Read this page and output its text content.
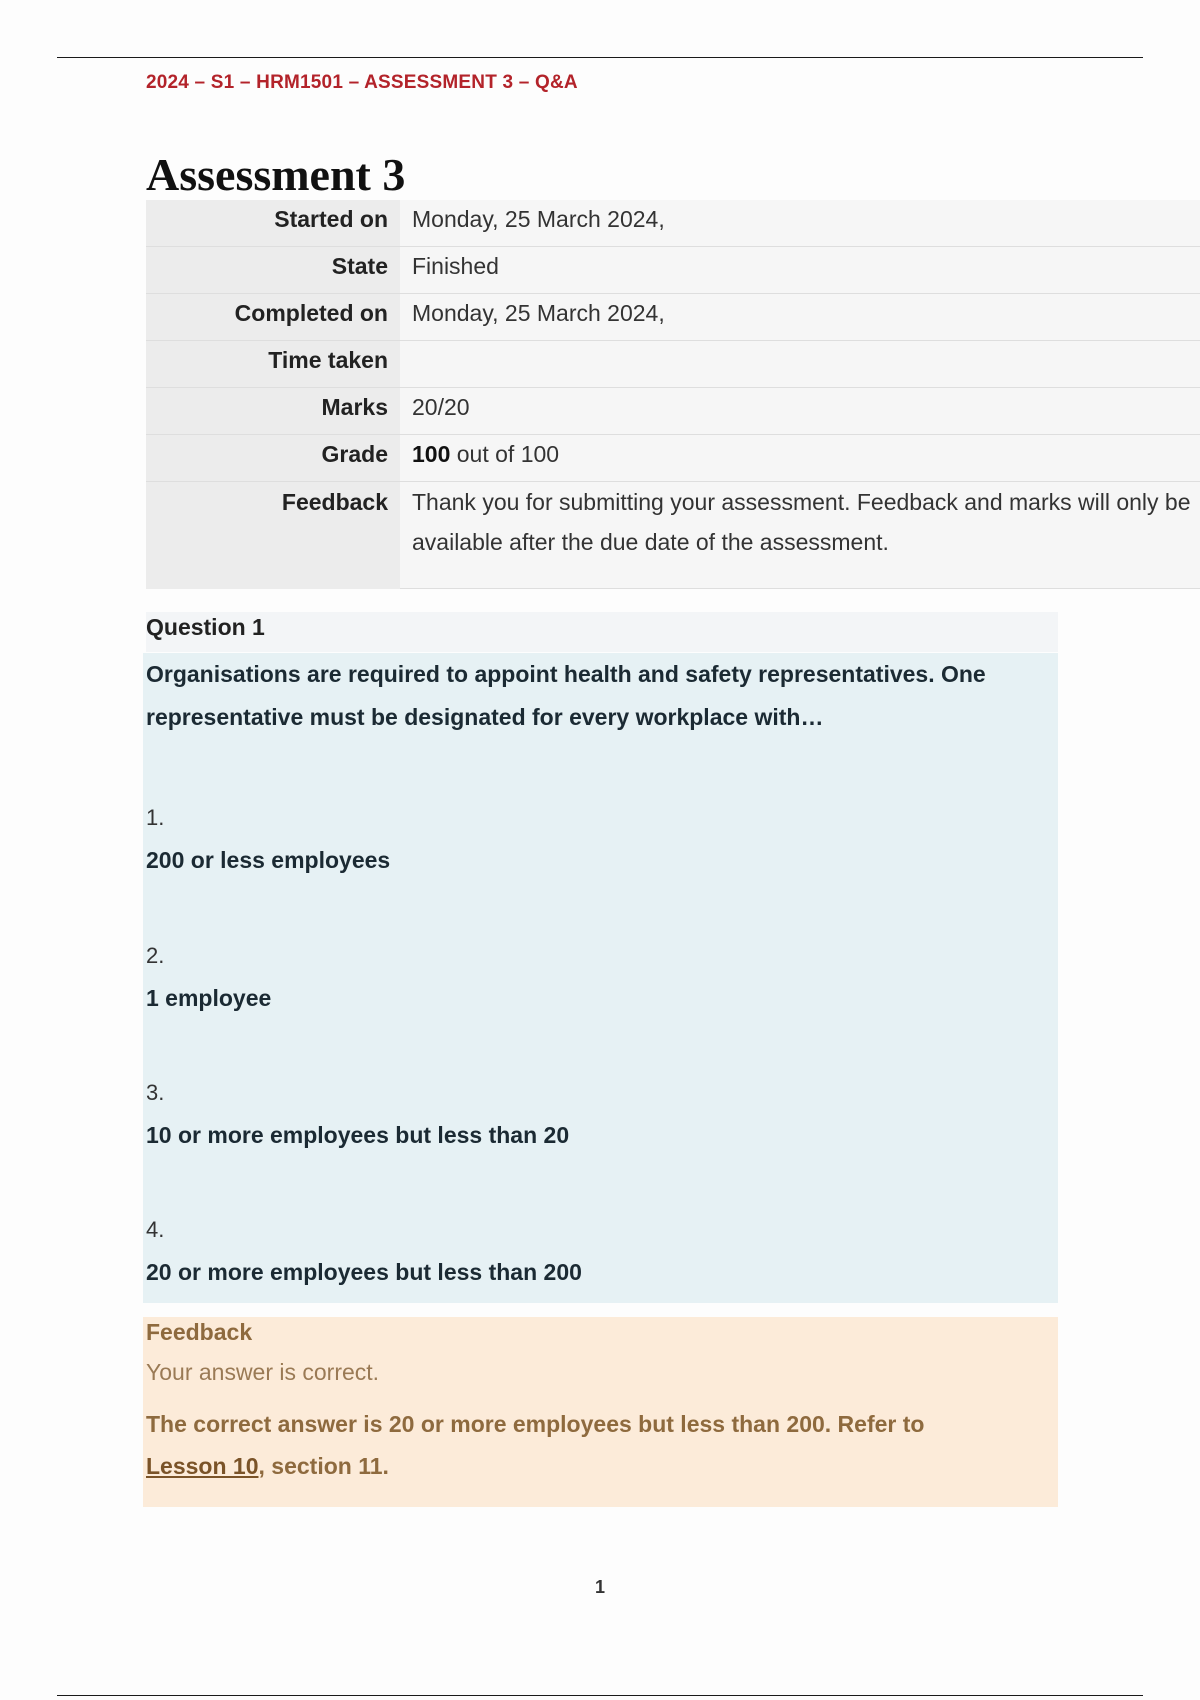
2024 – S1 – HRM1501 – ASSESSMENT 3 – Q&A
Assessment 3
Started on	Monday, 25 March 2024,
State	Finished
Completed on	Monday, 25 March 2024,
Time taken	
Marks	20/20
Grade	100 out of 100
Feedback	Thank you for submitting your assessment. Feedback and marks will only be available after the due date of the assessment.
Question 1

Organisations are required to appoint health and safety representatives. One representative must be designated for every workplace with…

1.
200 or less employees
2.
1 employee
3.
10 or more employees but less than 20
4.
20 or more employees but less than 200
Feedback
Your answer is correct.

The correct answer is 20 or more employees but less than 200. Refer to Lesson 10, section 11.

1
